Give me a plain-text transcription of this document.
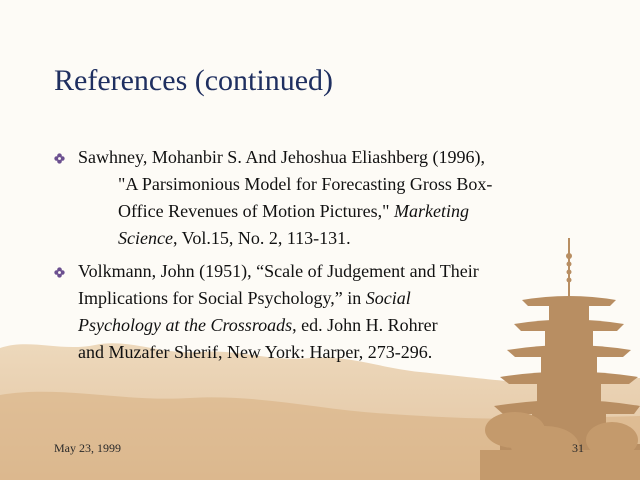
References (continued)
Sawhney, Mohanbir S. And Jehoshua Eliashberg (1996),
"A Parsimonious Model for Forecasting Gross Box-
Office Revenues of Motion Pictures," Marketing
Science, Vol.15, No. 2, 113-131.
Volkmann, John (1951), “Scale of Judgement and Their
Implications for Social Psychology,” in Social
Psychology at the Crossroads, ed. John H. Rohrer
and Muzafer Sherif, New York: Harper, 273-296.
May 23, 1999	31
